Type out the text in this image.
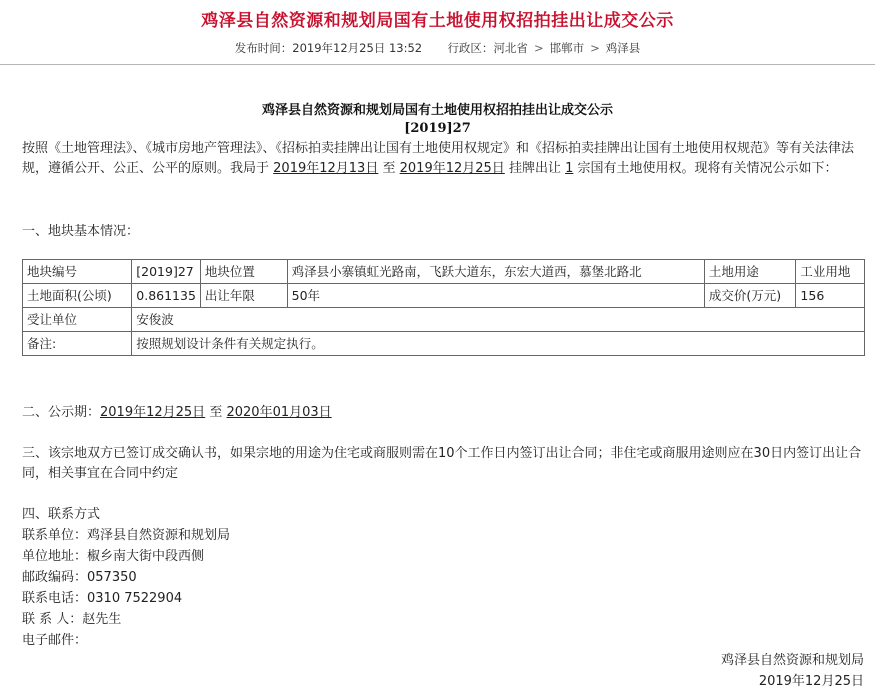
鸡泽县自然资源和规划局国有土地使用权招拍挂出让成交公示
发布时间：2019年12月25日 13:52 行政区：河北省 > 邯郸市 > 鸡泽县
鸡泽县自然资源和规划局国有土地使用权招拍挂出让成交公示
[2019]27
按照《土地管理法》、《城市房地产管理法》、《招标拍卖挂牌出让国有土地使用权规定》和《招标拍卖挂牌出让国有土地使用权规范》等有关法律法规，遵循公开、公正、公平的原则。我局于 2019年12月13日 至 2019年12月25日 挂牌出让 1 宗国有土地使用权。现将有关情况公示如下：
一、地块基本情况：
地块编号	[2019]27	地块位置	鸡泽县小寨镇虹光路南，飞跃大道东，东宏大道西，慕堡北路北	土地用途	工业用地
土地面积(公顷)	0.861135	出让年限	50年	成交价(万元)	156
受让单位	安俊波				
备注:	按照规划设计条件有关规定执行。				
二、公示期：2019年12月25日 至 2020年01月03日
三、该宗地双方已签订成交确认书，如果宗地的用途为住宅或商服则需在10个工作日内签订出让合同；非住宅或商服用途则应在30日内签订出让合同，相关事宜在合同中约定
四、联系方式
联系单位：鸡泽县自然资源和规划局
单位地址：椒乡南大街中段西侧
邮政编码：057350
联系电话：0310 7522904
联 系 人：赵先生
电子邮件：
鸡泽县自然资源和规划局
2019年12月25日
